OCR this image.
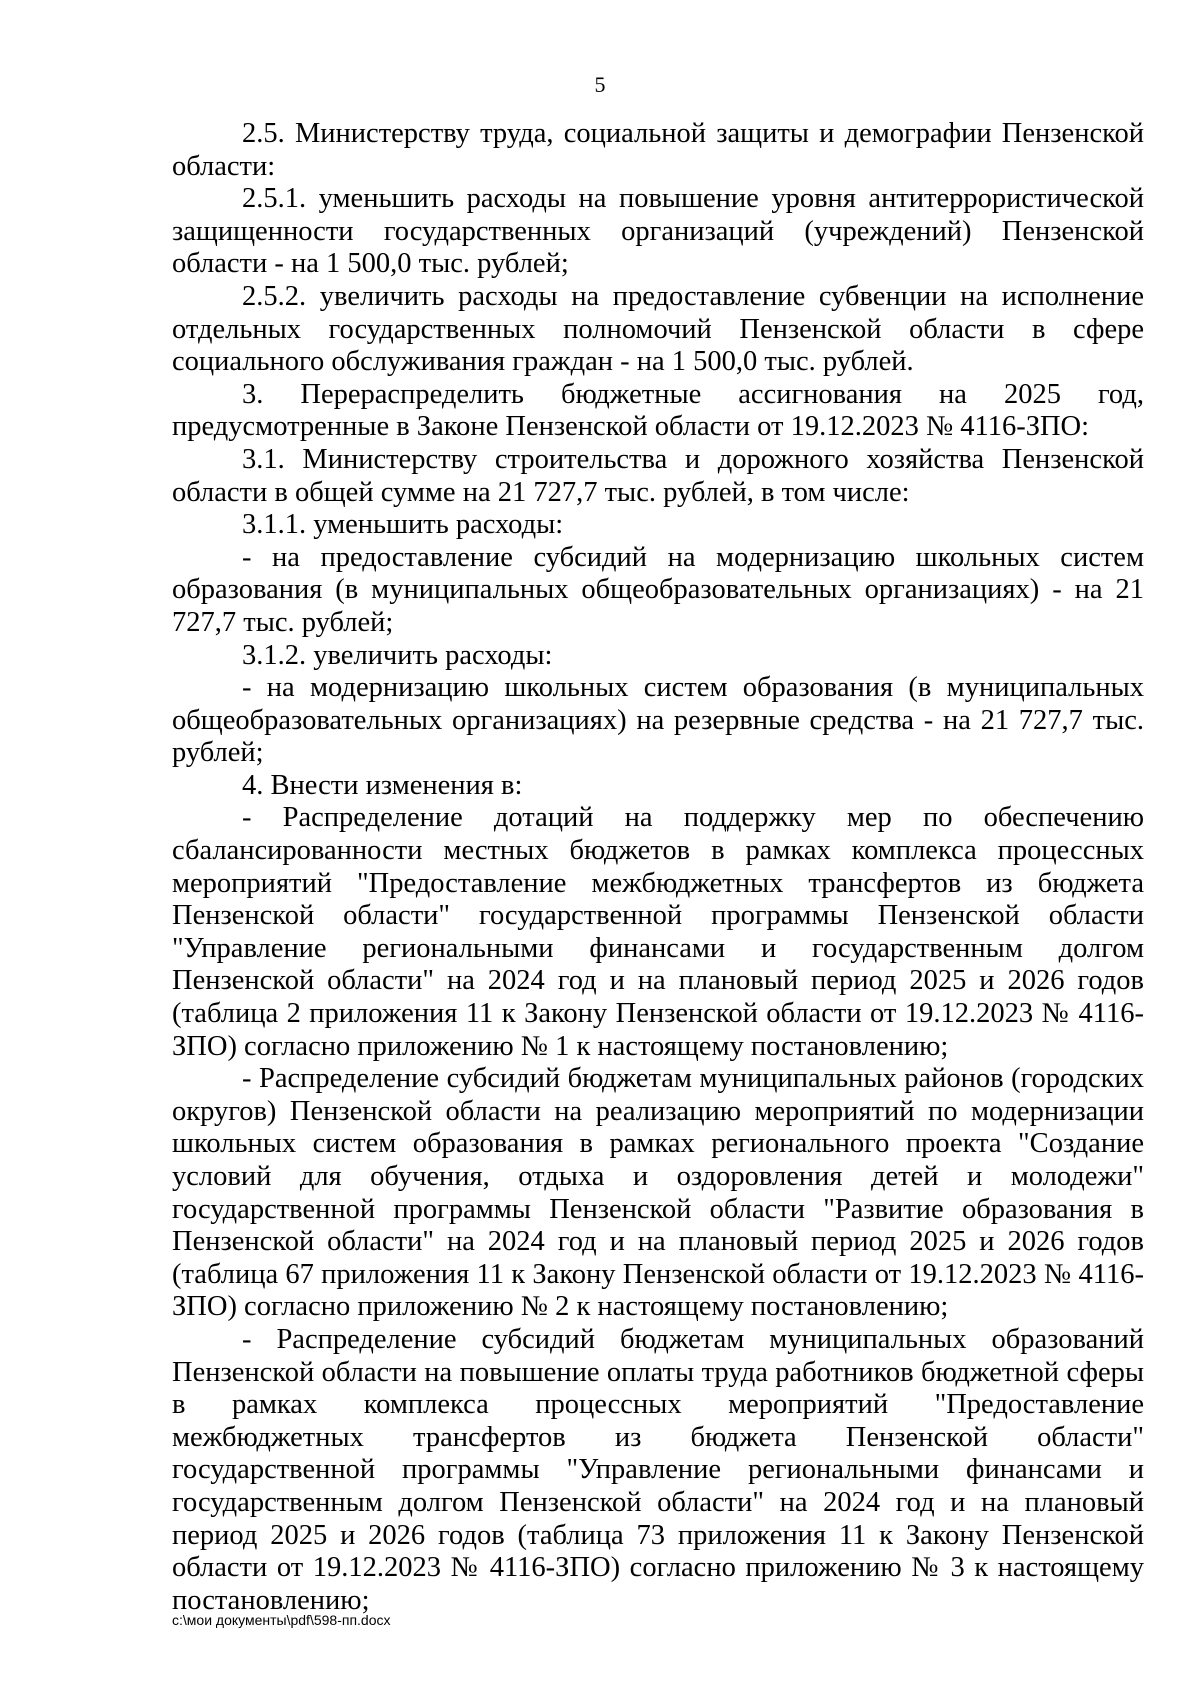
5

2.5. Министерству труда, социальной защиты и демографии Пензенской области:

2.5.1. уменьшить расходы на повышение уровня антитеррористической защищенности государственных организаций (учреждений) Пензенской области - на 1 500,0 тыс. рублей;

2.5.2. увеличить расходы на предоставление субвенции на исполнение отдельных государственных полномочий Пензенской области в сфере социального обслуживания граждан - на 1 500,0 тыс. рублей.

3. Перераспределить бюджетные ассигнования на 2025 год, предусмотренные в Законе Пензенской области от 19.12.2023 № 4116-ЗПО:

3.1. Министерству строительства и дорожного хозяйства Пензенской области в общей сумме на 21 727,7 тыс. рублей, в том числе:

3.1.1. уменьшить расходы:

- на предоставление субсидий на модернизацию школьных систем образования (в муниципальных общеобразовательных организациях) - на 21 727,7 тыс. рублей;

3.1.2. увеличить расходы:

- на модернизацию школьных систем образования (в муниципальных общеобразовательных организациях) на резервные средства - на 21 727,7 тыс. рублей;

4. Внести изменения в:

- Распределение дотаций на поддержку мер по обеспечению сбалансированности местных бюджетов в рамках комплекса процессных мероприятий "Предоставление межбюджетных трансфертов из бюджета Пензенской области" государственной программы Пензенской области "Управление региональными финансами и государственным долгом Пензенской области" на 2024 год и на плановый период 2025 и 2026 годов (таблица 2 приложения 11 к Закону Пензенской области от 19.12.2023 № 4116-ЗПО) согласно приложению № 1 к настоящему постановлению;

- Распределение субсидий бюджетам муниципальных районов (городских округов) Пензенской области на реализацию мероприятий по модернизации школьных систем образования в рамках регионального проекта "Создание условий для обучения, отдыха и оздоровления детей и молодежи" государственной программы Пензенской области "Развитие образования в Пензенской области" на 2024 год и на плановый период 2025 и 2026 годов (таблица 67 приложения 11 к Закону Пензенской области от 19.12.2023 № 4116-ЗПО) согласно приложению № 2 к настоящему постановлению;

- Распределение субсидий бюджетам муниципальных образований Пензенской области на повышение оплаты труда работников бюджетной сферы в рамках комплекса процессных мероприятий "Предоставление межбюджетных трансфертов из бюджета Пензенской области" государственной программы "Управление региональными финансами и государственным долгом Пензенской области" на 2024 год и на плановый период 2025 и 2026 годов (таблица 73 приложения 11 к Закону Пензенской области от 19.12.2023 № 4116-ЗПО) согласно приложению № 3 к настоящему постановлению;

c:\мои документы\pdf\598-пп.docx
